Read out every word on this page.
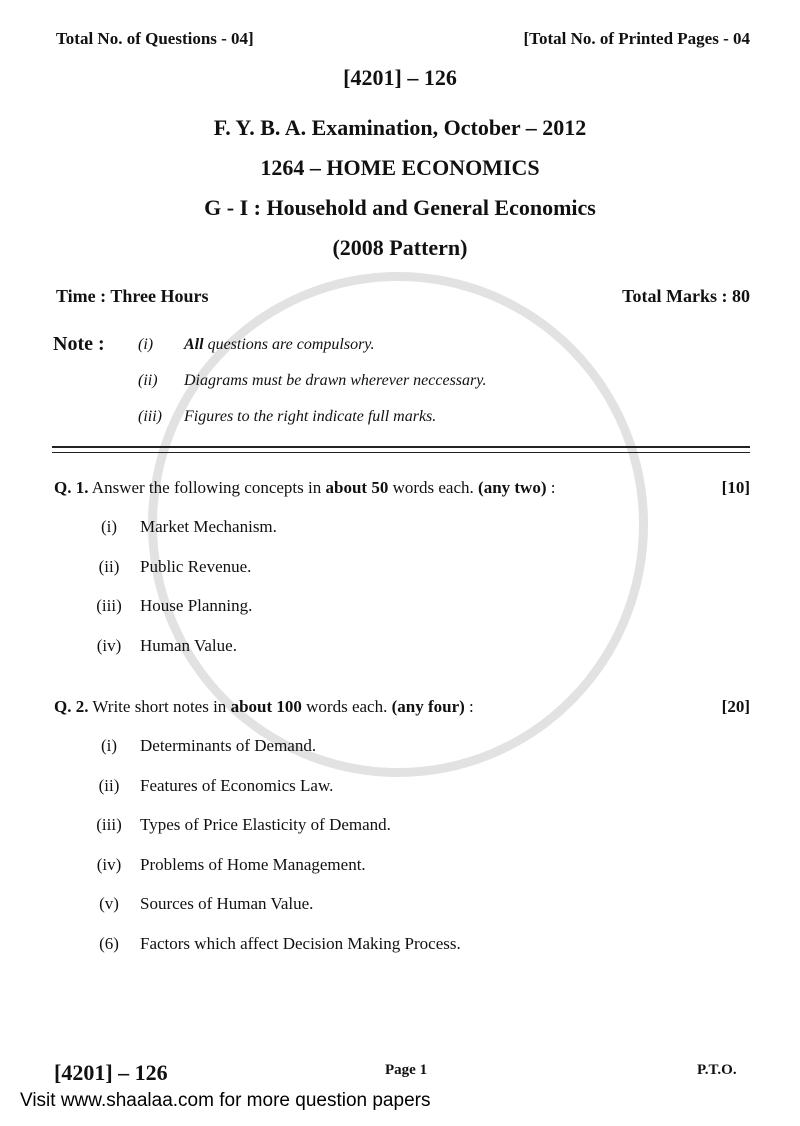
Total No. of Questions - 04]	[Total No. of Printed Pages - 04
[4201] – 126
F. Y. B. A. Examination, October – 2012
1264 – HOME ECONOMICS
G - I : Household and General Economics
(2008 Pattern)
Time : Three Hours	Total Marks : 80
Note : (i) All questions are compulsory.
(ii) Diagrams must be drawn wherever neccessary.
(iii) Figures to the right indicate full marks.
Q. 1. Answer the following concepts in about 50 words each. (any two) :	[10]
(i) Market Mechanism.
(ii) Public Revenue.
(iii) House Planning.
(iv) Human Value.
Q. 2. Write short notes in about 100 words each. (any four) :	[20]
(i) Determinants of Demand.
(ii) Features of Economics Law.
(iii) Types of Price Elasticity of Demand.
(iv) Problems of Home Management.
(v) Sources of Human Value.
(6) Factors which affect Decision Making Process.
[4201] – 126	Page 1	P.T.O.
Visit www.shaalaa.com for more question papers
